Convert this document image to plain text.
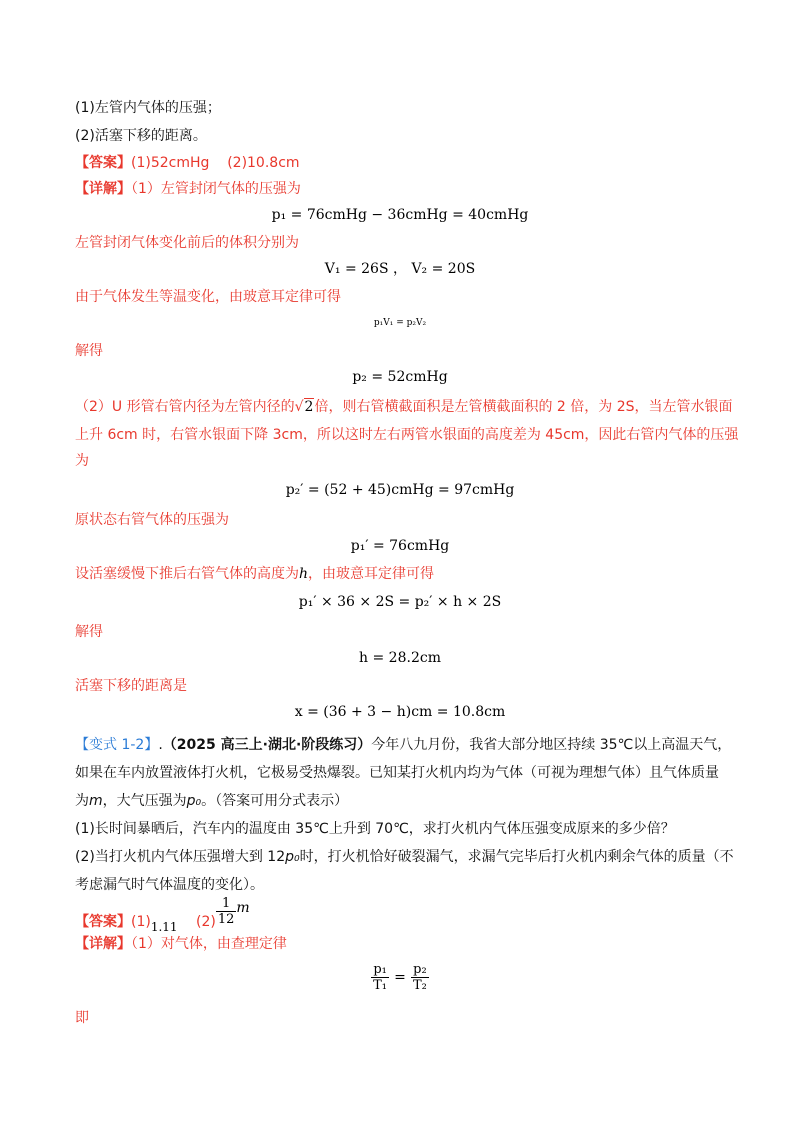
(1)左管内气体的压强；
(2)活塞下移的距离。
【答案】(1)52cmHg    (2)10.8cm
【详解】（1）左管封闭气体的压强为
p₁ = 76cmHg − 36cmHg = 40cmHg
左管封闭气体变化前后的体积分别为
V₁ = 26S ， V₂ = 20S
由于气体发生等温变化，由玻意耳定律可得
p₁V₁ = p₂V₂
解得
p₂ = 52cmHg
（2）U 形管右管内径为左管内径的√2倍，则右管横截面积是左管横截面积的 2 倍，为 2S，当左管水银面
上升 6cm 时，右管水银面下降 3cm，所以这时左右两管水银面的高度差为 45cm，因此右管内气体的压强
为
p₂′ = (52 + 45)cmHg = 97cmHg
原状态右管气体的压强为
p₁′ = 76cmHg
设活塞缓慢下推后右管气体的高度为h，由玻意耳定律可得
p₁′ × 36 × 2S = p₂′ × h × 2S
解得
h = 28.2cm
活塞下移的距离是
x = (36 + 3 − h)cm = 10.8cm
【变式 1-2】.（2025 高三上·湖北·阶段练习）今年八九月份，我省大部分地区持续 35℃以上高温天气，
如果在车内放置液体打火机，它极易受热爆裂。已知某打火机内均为气体（可视为理想气体）且气体质量
为m，大气压强为p₀。（答案可用分式表示）
(1)长时间暴晒后，汽车内的温度由 35℃上升到 70℃，求打火机内气体压强变成原来的多少倍？
(2)当打火机内气体压强增大到 12p₀时，打火机恰好破裂漏气，求漏气完毕后打火机内剩余气体的质量（不
考虑漏气时气体温度的变化）。
【答案】(1)1.11 $(2) \frac{1}{12}$ m
【详解】（1）对气体，由查理定律
$\frac{\text{p₁}}{\text{T₁}} = \frac{\text{p₂}}{\text{T₂}}$
即
